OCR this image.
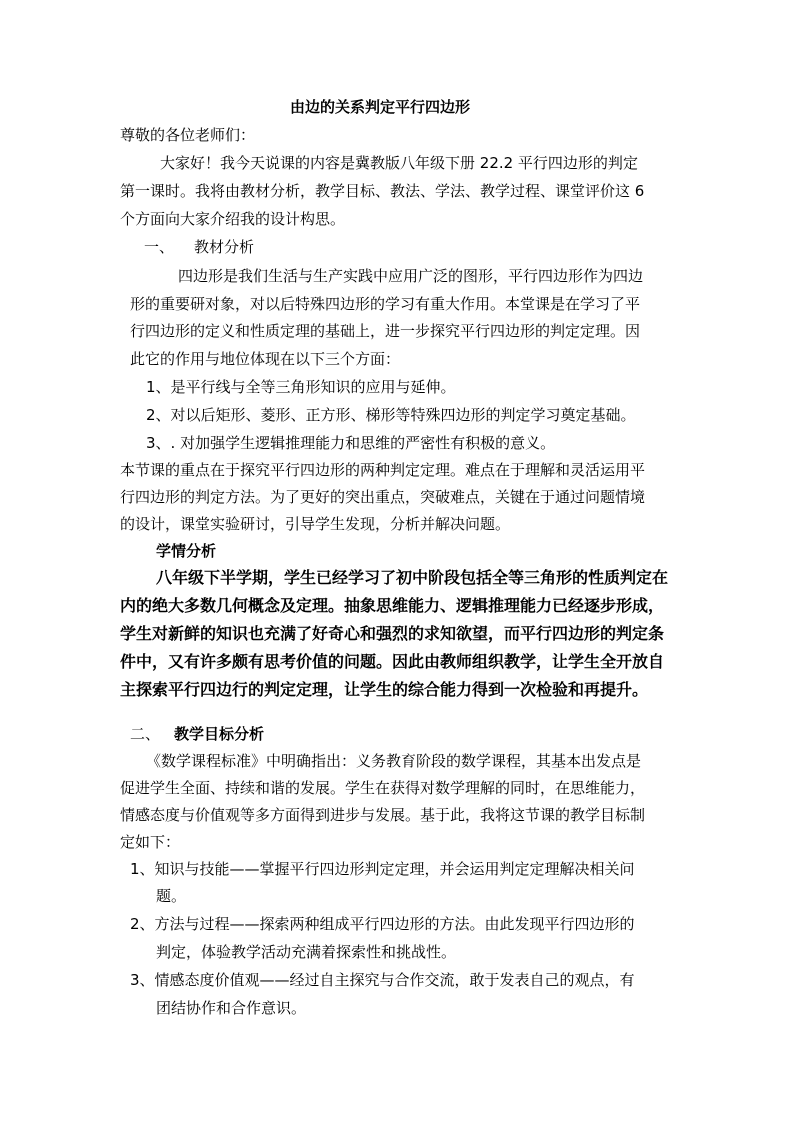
由边的关系判定平行四边形
尊敬的各位老师们：
大家好！我今天说课的内容是冀教版八年级下册 22.2 平行四边形的判定
第一课时。我将由教材分析，教学目标、教法、学法、教学过程、课堂评价这 6
个方面向大家介绍我的设计构思。
一、 教材分析
四边形是我们生活与生产实践中应用广泛的图形，平行四边形作为四边
形的重要研对象，对以后特殊四边形的学习有重大作用。本堂课是在学习了平
行四边形的定义和性质定理的基础上，进一步探究平行四边形的判定定理。因
此它的作用与地位体现在以下三个方面：
1、是平行线与全等三角形知识的应用与延伸。
2、对以后矩形、菱形、正方形、梯形等特殊四边形的判定学习奠定基础。
3、. 对加强学生逻辑推理能力和思维的严密性有积极的意义。
本节课的重点在于探究平行四边形的两种判定定理。难点在于理解和灵活运用平
行四边形的判定方法。为了更好的突出重点，突破难点，关键在于通过问题情境
的设计，课堂实验研讨，引导学生发现，分析并解决问题。
学情分析
八年级下半学期，学生已经学习了初中阶段包括全等三角形的性质判定在
内的绝大多数几何概念及定理。抽象思维能力、逻辑推理能力已经逐步形成，
学生对新鲜的知识也充满了好奇心和强烈的求知欲望，而平行四边形的判定条
件中，又有许多颇有思考价值的问题。因此由教师组织教学，让学生全开放自
主探索平行四边行的判定定理，让学生的综合能力得到一次检验和再提升。
二、 教学目标分析
《数学课程标准》中明确指出：义务教育阶段的数学课程，其基本出发点是
促进学生全面、持续和谐的发展。学生在获得对数学理解的同时，在思维能力，
情感态度与价值观等多方面得到进步与发展。基于此，我将这节课的教学目标制
定如下：
1、知识与技能——掌握平行四边形判定定理，并会运用判定定理解决相关问
题。
2、方法与过程——探索两种组成平行四边形的方法。由此发现平行四边形的
判定，体验教学活动充满着探索性和挑战性。
3、情感态度价值观——经过自主探究与合作交流，敢于发表自己的观点，有
团结协作和合作意识。
